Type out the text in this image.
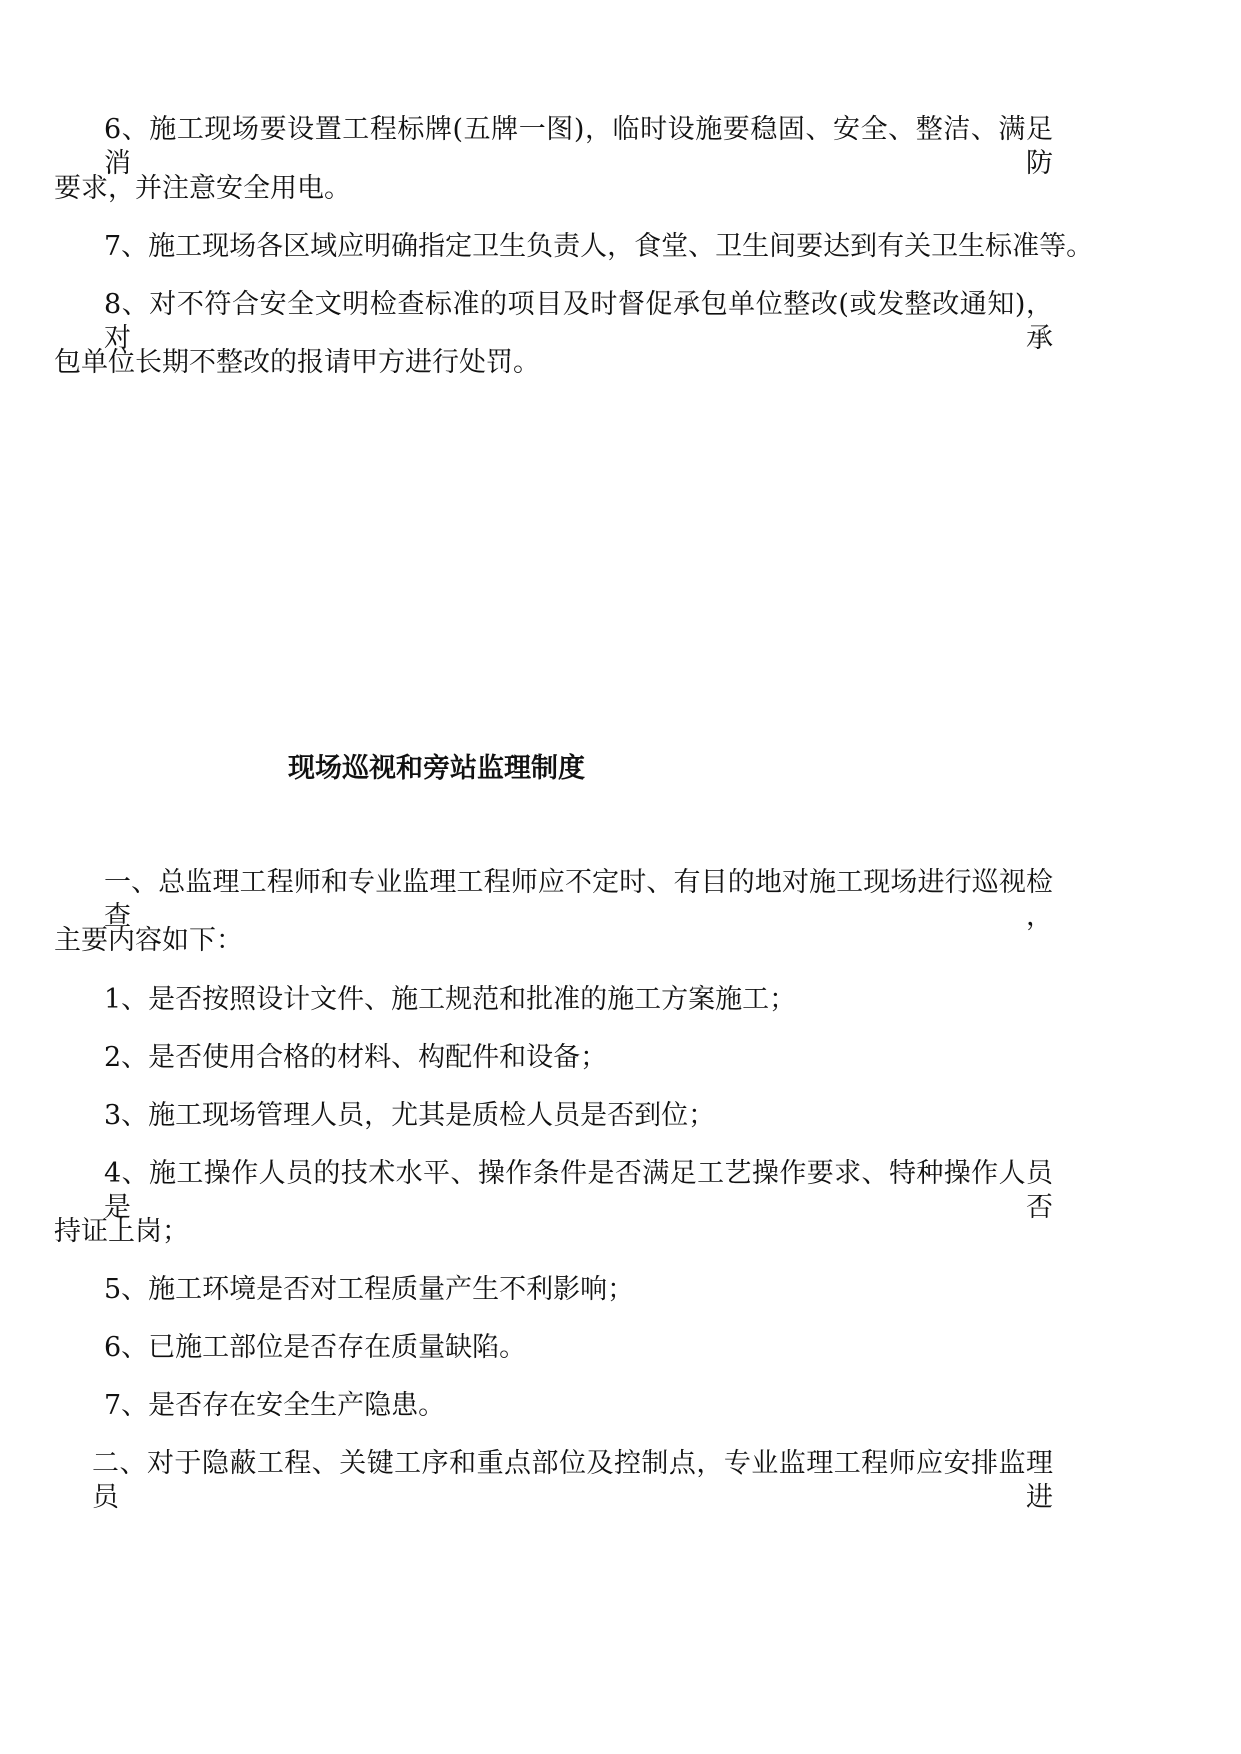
6、施工现场要设置工程标牌(五牌一图)，临时设施要稳固、安全、整洁、满足消防
要求，并注意安全用电。
7、施工现场各区域应明确指定卫生负责人，食堂、卫生间要达到有关卫生标准等。
8、对不符合安全文明检查标准的项目及时督促承包单位整改(或发整改通知)，对承
包单位长期不整改的报请甲方进行处罚。
现场巡视和旁站监理制度
一、总监理工程师和专业监理工程师应不定时、有目的地对施工现场进行巡视检查，
主要内容如下：
1、是否按照设计文件、施工规范和批准的施工方案施工；
2、是否使用合格的材料、构配件和设备；
3、施工现场管理人员，尤其是质检人员是否到位；
4、施工操作人员的技术水平、操作条件是否满足工艺操作要求、特种操作人员是否
持证上岗；
5、施工环境是否对工程质量产生不利影响；
6、已施工部位是否存在质量缺陷。
7、是否存在安全生产隐患。
二、对于隐蔽工程、关键工序和重点部位及控制点，专业监理工程师应安排监理员进
